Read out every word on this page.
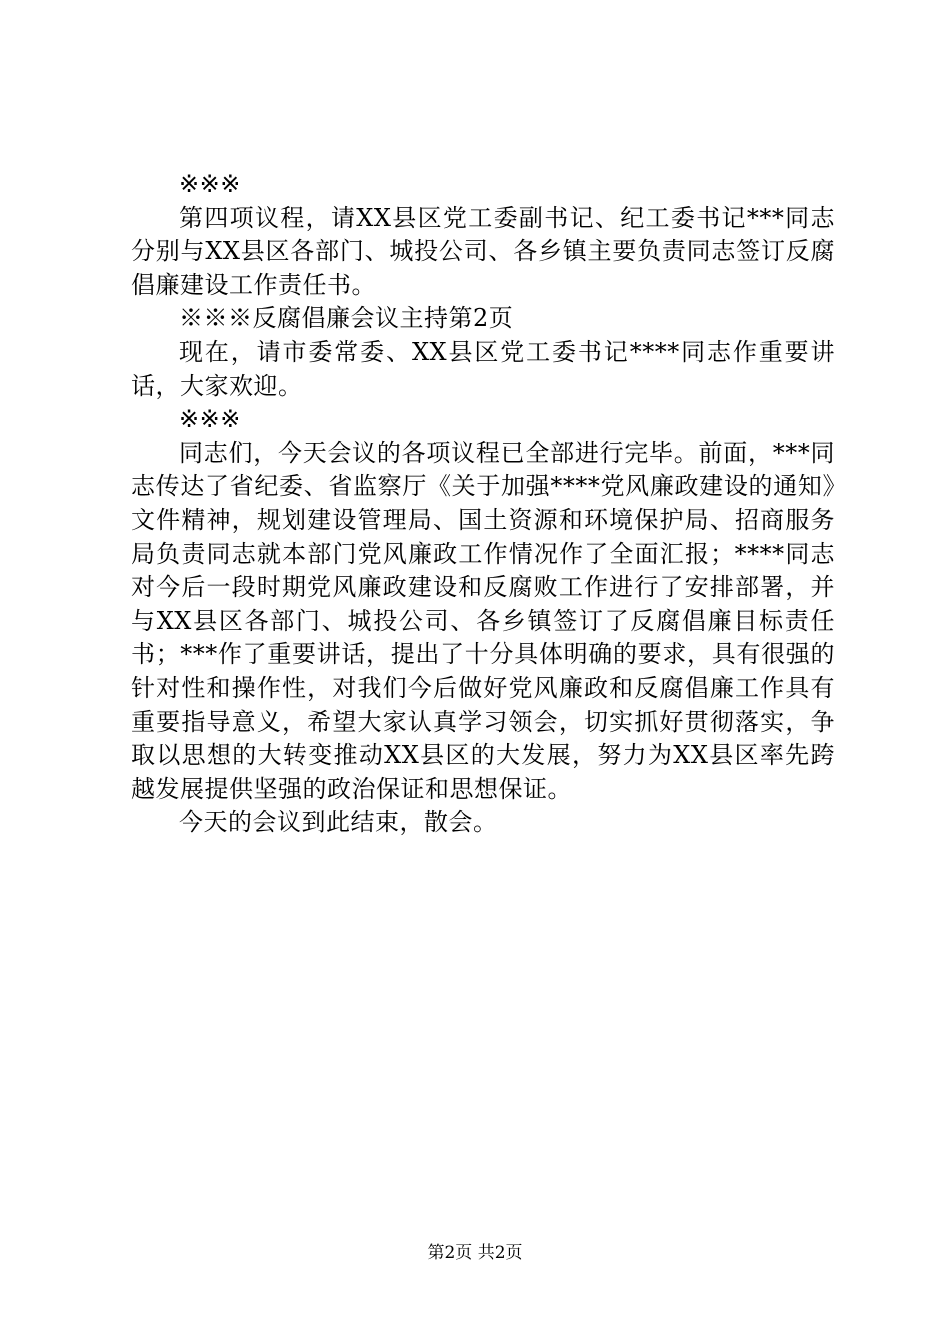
※※※

第四项议程，请XX县区党工委副书记、纪工委书记***同志分别与XX县区各部门、城投公司、各乡镇主要负责同志签订反腐倡廉建设工作责任书。

※※※反腐倡廉会议主持第2页

现在，请市委常委、XX县区党工委书记****同志作重要讲话，大家欢迎。

※※※

同志们，今天会议的各项议程已全部进行完毕。前面，***同志传达了省纪委、省监察厅《关于加强****党风廉政建设的通知》文件精神，规划建设管理局、国土资源和环境保护局、招商服务局负责同志就本部门党风廉政工作情况作了全面汇报；****同志对今后一段时期党风廉政建设和反腐败工作进行了安排部署，并与XX县区各部门、城投公司、各乡镇签订了反腐倡廉目标责任书；***作了重要讲话，提出了十分具体明确的要求，具有很强的针对性和操作性，对我们今后做好党风廉政和反腐倡廉工作具有重要指导意义，希望大家认真学习领会，切实抓好贯彻落实，争取以思想的大转变推动XX县区的大发展，努力为XX县区率先跨越发展提供坚强的政治保证和思想保证。

今天的会议到此结束，散会。

第2页 共2页
